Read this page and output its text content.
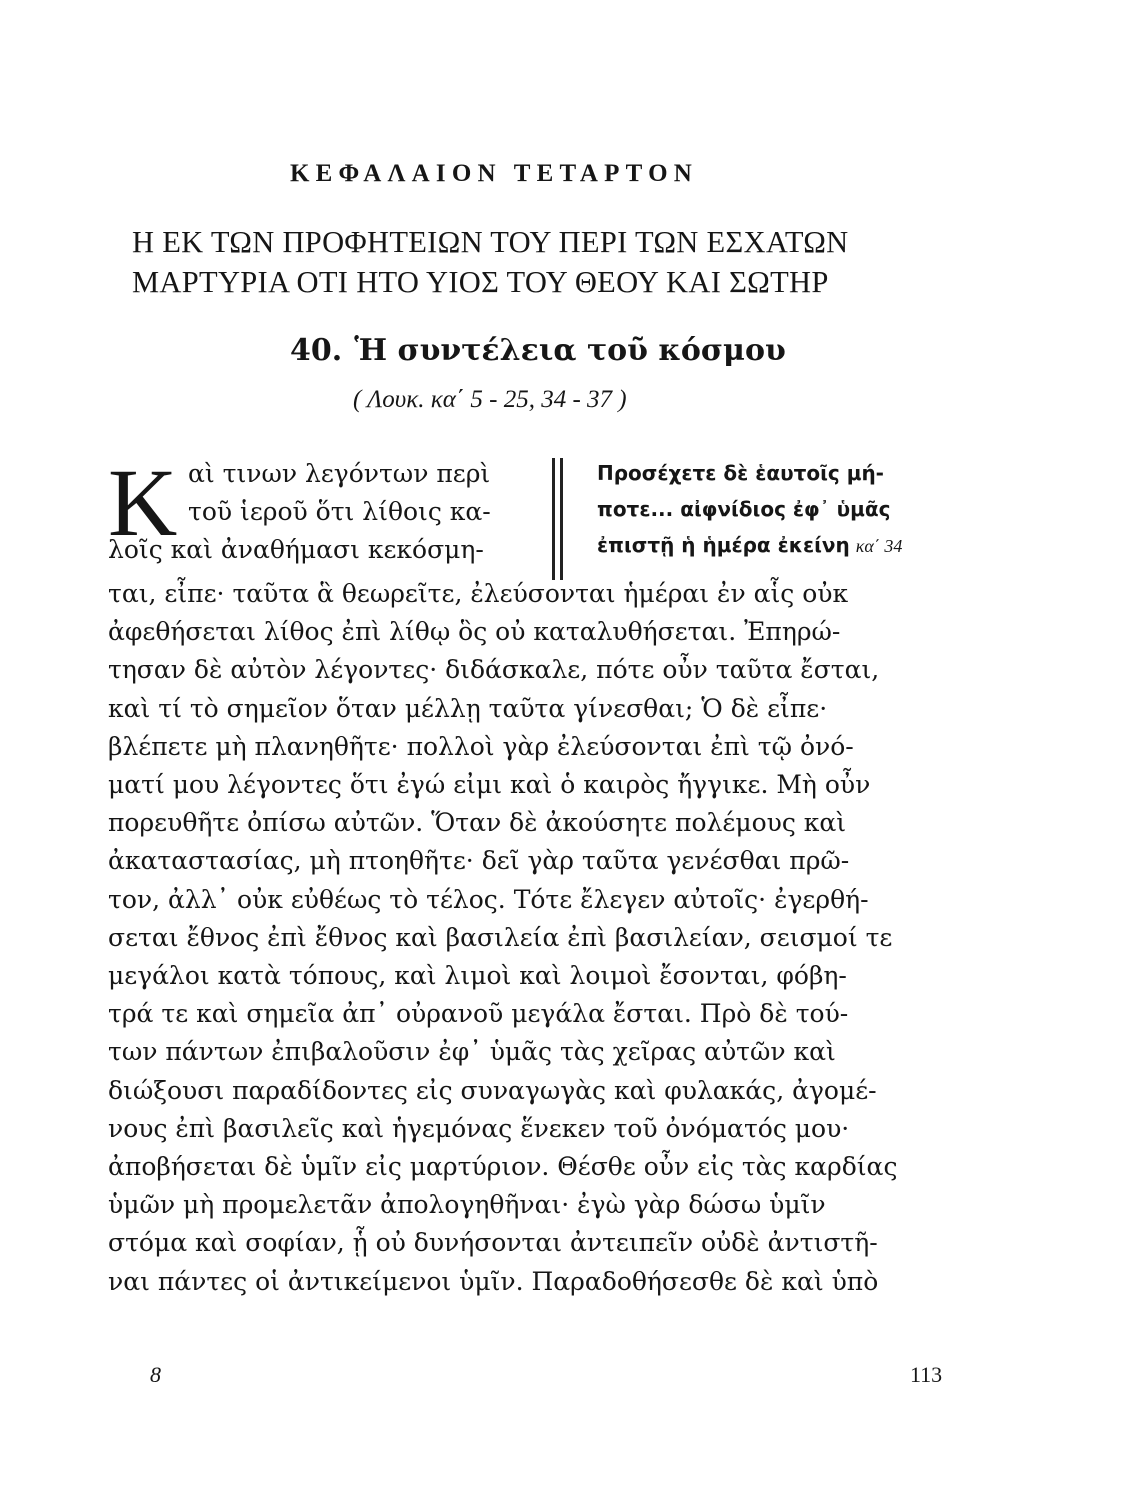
ΚΕΦΑΛΑΙΟΝ ΤΕΤΑΡΤΟΝ
Η ΕΚ ΤΩΝ ΠΡΟΦΗΤΕΙΩΝ ΤΟΥ ΠΕΡΙ ΤΩΝ ΕΣΧΑΤΩΝ
ΜΑΡΤΥΡΙΑ ΟΤΙ ΗΤΟ ΥΙΟΣ ΤΟΥ ΘΕΟΥ ΚΑΙ ΣΩΤΗΡ
40. Ἡ συντέλεια τοῦ κόσμου
( Λουκ. κα΄ 5 - 25, 34 - 37 )
Κ αὶ τινων λεγόντων περὶ
τοῦ ἱεροῦ ὅτι λίθοις κα-
λοῖς καὶ ἀναθήμασι κεκόσμη-
Προσέχετε δὲ ἑαυτοῖς μή-
ποτε... αἰφνίδιος ἐφ᾽ ὑμᾶς
ἐπιστῇ ἡ ἡμέρα ἐκείνη κα΄ 34
ται, εἶπε· ταῦτα ἃ θεωρεῖτε, ἐλεύσονται ἡμέραι ἐν αἷς οὐκ
ἀφεθήσεται λίθος ἐπὶ λίθῳ ὃς οὐ καταλυθήσεται. Ἐπηρώ-
τησαν δὲ αὐτὸν λέγοντες· διδάσκαλε, πότε οὖν ταῦτα ἔσται,
καὶ τί τὸ σημεῖον ὅταν μέλλῃ ταῦτα γίνεσθαι; Ὁ δὲ εἶπε·
βλέπετε μὴ πλανηθῆτε· πολλοὶ γὰρ ἐλεύσονται ἐπὶ τῷ ὀνό-
ματί μου λέγοντες ὅτι ἐγώ εἰμι καὶ ὁ καιρὸς ἤγγικε. Μὴ οὖν
πορευθῆτε ὀπίσω αὐτῶν. Ὅταν δὲ ἀκούσητε πολέμους καὶ
ἀκαταστασίας, μὴ πτοηθῆτε· δεῖ γὰρ ταῦτα γενέσθαι πρῶ-
τον, ἀλλ᾽ οὐκ εὐθέως τὸ τέλος. Τότε ἔλεγεν αὐτοῖς· ἐγερθή-
σεται ἔθνος ἐπὶ ἔθνος καὶ βασιλεία ἐπὶ βασιλείαν, σεισμοί τε
μεγάλοι κατὰ τόπους, καὶ λιμοὶ καὶ λοιμοὶ ἔσονται, φόβη-
τρά τε καὶ σημεῖα ἀπ᾽ οὐρανοῦ μεγάλα ἔσται. Πρὸ δὲ τού-
των πάντων ἐπιβαλοῦσιν ἐφ᾽ ὑμᾶς τὰς χεῖρας αὐτῶν καὶ
διώξουσι παραδίδοντες εἰς συναγωγὰς καὶ φυλακάς, ἀγομέ-
νους ἐπὶ βασιλεῖς καὶ ἡγεμόνας ἕνεκεν τοῦ ὀνόματός μου·
ἀποβήσεται δὲ ὑμῖν εἰς μαρτύριον. Θέσθε οὖν εἰς τὰς καρδίας
ὑμῶν μὴ προμελετᾶν ἀπολογηθῆναι· ἐγὼ γὰρ δώσω ὑμῖν
στόμα καὶ σοφίαν, ᾗ οὐ δυνήσονται ἀντειπεῖν οὐδὲ ἀντιστῆ-
ναι πάντες οἱ ἀντικείμενοι ὑμῖν. Παραδοθήσεσθε δὲ καὶ ὑπὸ
8	113
